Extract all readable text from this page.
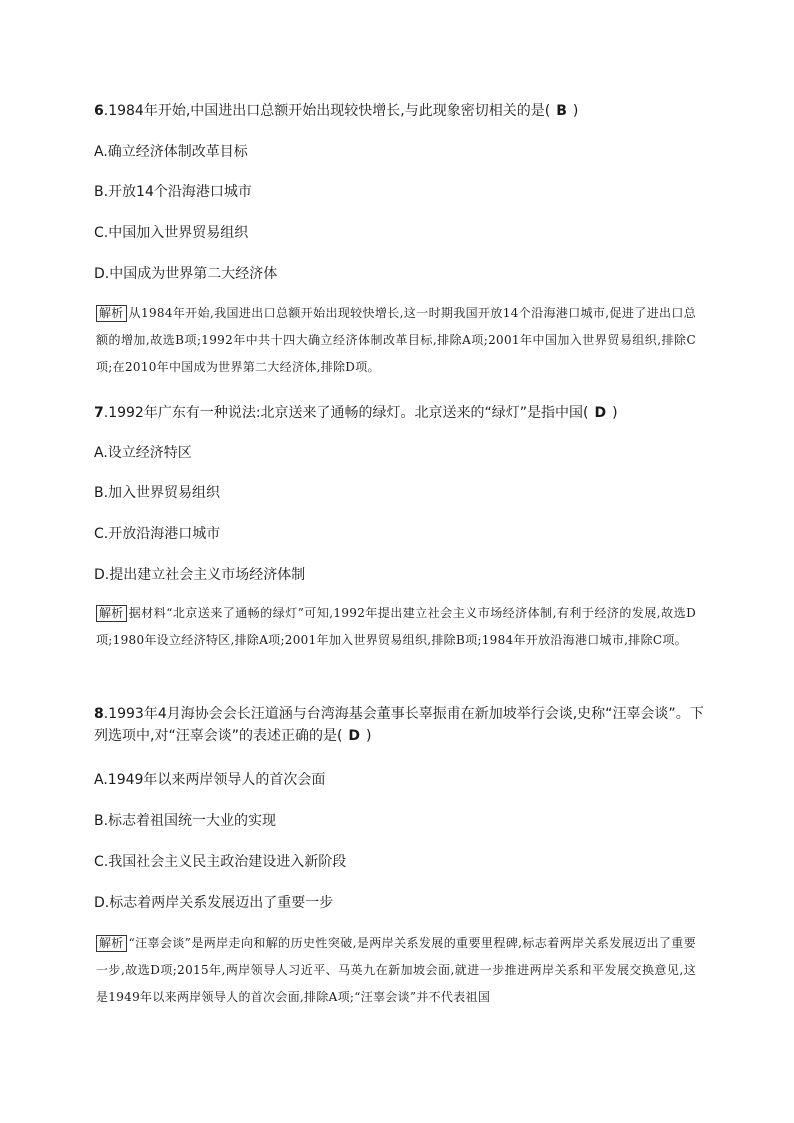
6.1984年开始,中国进出口总额开始出现较快增长,与此现象密切相关的是( B )
A.确立经济体制改革目标
B.开放14个沿海港口城市
C.中国加入世界贸易组织
D.中国成为世界第二大经济体
解析 从1984年开始,我国进出口总额开始出现较快增长,这一时期我国开放14个沿海港口城市,促进了进出口总额的增加,故选B项;1992年中共十四大确立经济体制改革目标,排除A项;2001年中国加入世界贸易组织,排除C项;在2010年中国成为世界第二大经济体,排除D项。
7.1992年广东有一种说法:北京送来了通畅的绿灯。北京送来的“绿灯”是指中国( D )
A.设立经济特区
B.加入世界贸易组织
C.开放沿海港口城市
D.提出建立社会主义市场经济体制
解析 据材料“北京送来了通畅的绿灯”可知,1992年提出建立社会主义市场经济体制,有利于经济的发展,故选D项;1980年设立经济特区,排除A项;2001年加入世界贸易组织,排除B项;1984年开放沿海港口城市,排除C项。
8.1993年4月海协会会长汪道涵与台湾海基会董事长辜振甫在新加坡举行会谈,史称“汪辜会谈”。下列选项中,对“汪辜会谈”的表述正确的是( D )
A.1949年以来两岸领导人的首次会面
B.标志着祖国统一大业的实现
C.我国社会主义民主政治建设进入新阶段
D.标志着两岸关系发展迈出了重要一步
解析 “汪辜会谈”是两岸走向和解的历史性突破,是两岸关系发展的重要里程碑,标志着两岸关系发展迈出了重要一步,故选D项;2015年,两岸领导人习近平、马英九在新加坡会面,就进一步推进两岸关系和平发展交换意见,这是1949年以来两岸领导人的首次会面,排除A项;“汪辜会谈”并不代表祖国
